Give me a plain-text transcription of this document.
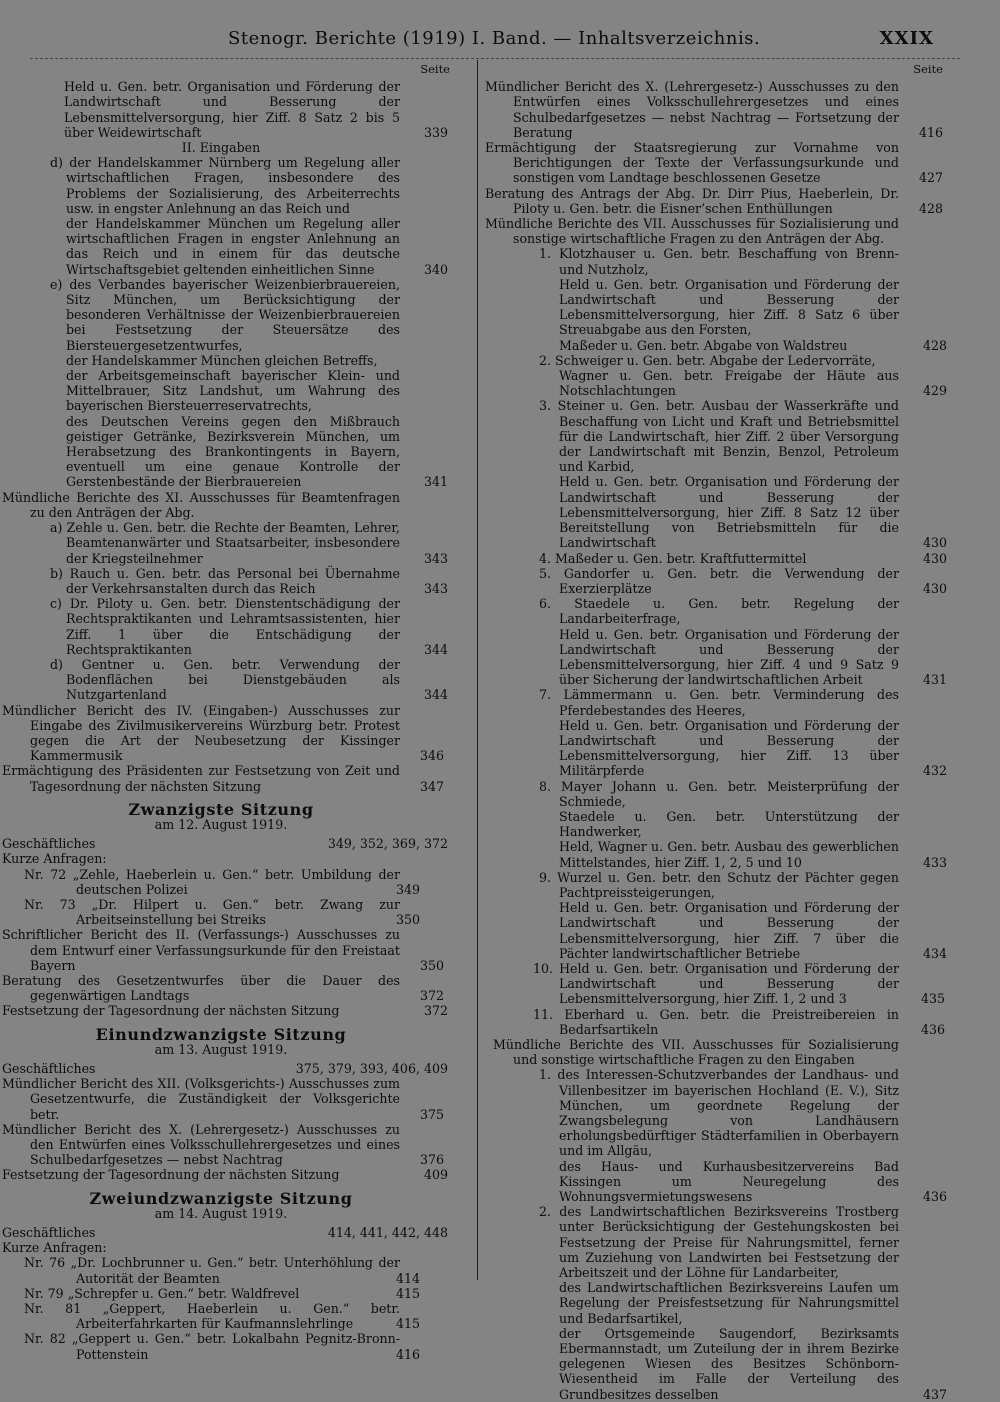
Stenogr. Berichte (1919) I. Band. — Inhaltsverzeichnis.	XXIX
Seite
Held u. Gen. betr. Organisation und Förderung der Landwirtschaft und Besserung der Lebensmittelversorgung, hier Ziff. 8 Satz 2 bis 5 über Weidewirtschaft	339
II. Eingaben
d) der Handelskammer Nürnberg um Regelung aller wirtschaftlichen Fragen, insbesondere des Problems der Sozialisierung, des Arbeiterrechts usw. in engster Anlehnung an das Reich und
der Handelskammer München um Regelung aller wirtschaftlichen Fragen in engster Anlehnung an das Reich und in einem für das deutsche Wirtschaftsgebiet geltenden einheitlichen Sinne	340
e) des Verbandes bayerischer Weizenbierbrauereien, Sitz München, um Berücksichtigung der besonderen Verhältnisse der Weizenbierbrauereien bei Festsetzung der Steuersätze des Biersteuergesetzentwurfes,
der Handelskammer München gleichen Betreffs,
der Arbeitsgemeinschaft bayerischer Klein- und Mittelbrauer, Sitz Landshut, um Wahrung des bayerischen Biersteuerreservatrechts,
des Deutschen Vereins gegen den Mißbrauch geistiger Getränke, Bezirksverein München, um Herabsetzung des Brankontingents in Bayern, eventuell um eine genaue Kontrolle der Gerstenbestände der Bierbrauereien	341
Mündliche Berichte des XI. Ausschusses für Beamtenfragen zu den Anträgen der Abg.
a) Zehle u. Gen. betr. die Rechte der Beamten, Lehrer, Beamtenanwärter und Staatsarbeiter, insbesondere der Kriegsteilnehmer	343
b) Rauch u. Gen. betr. das Personal bei Übernahme der Verkehrsanstalten durch das Reich	343
c) Dr. Piloty u. Gen. betr. Dienstentschädigung der Rechtspraktikanten und Lehramtsassistenten, hier Ziff. 1 über die Entschädigung der Rechtspraktikanten	344
d) Gentner u. Gen. betr. Verwendung der Bodenflächen bei Dienstgebäuden als Nutzgartenland	344
Mündlicher Bericht des IV. (Eingaben-) Ausschusses zur Eingabe des Zivilmusikervereins Würzburg betr. Protest gegen die Art der Neubesetzung der Kissinger Kammermusik	346
Ermächtigung des Präsidenten zur Festsetzung von Zeit und Tagesordnung der nächsten Sitzung	347
Zwanzigste Sitzung
am 12. August 1919.
Geschäftliches	349, 352, 369, 372
Kurze Anfragen:
Nr. 72 „Zehle, Haeberlein u. Gen.“ betr. Umbildung der deutschen Polizei	349
Nr. 73 „Dr. Hilpert u. Gen.“ betr. Zwang zur Arbeitseinstellung bei Streiks	350
Schriftlicher Bericht des II. (Verfassungs-) Ausschusses zu dem Entwurf einer Verfassungsurkunde für den Freistaat Bayern	350
Beratung des Gesetzentwurfes über die Dauer des gegenwärtigen Landtags	372
Festsetzung der Tagesordnung der nächsten Sitzung	372
Einundzwanzigste Sitzung
am 13. August 1919.
Geschäftliches	375, 379, 393, 406, 409
Mündlicher Bericht des XII. (Volksgerichts-) Ausschusses zum Gesetzentwurfe, die Zuständigkeit der Volksgerichte betr.	375
Mündlicher Bericht des X. (Lehrergesetz-) Ausschusses zu den Entwürfen eines Volksschullehrergesetzes und eines Schulbedarfgesetzes — nebst Nachtrag	376
Festsetzung der Tagesordnung der nächsten Sitzung	409
Zweiundzwanzigste Sitzung
am 14. August 1919.
Geschäftliches	414, 441, 442, 448
Kurze Anfragen:
Nr. 76 „Dr. Lochbrunner u. Gen.“ betr. Unterhöhlung der Autorität der Beamten	414
Nr. 79 „Schrepfer u. Gen.“ betr. Waldfrevel	415
Nr. 81 „Geppert, Haeberlein u. Gen.“ betr. Arbeiterfahrkarten für Kaufmannslehrlinge	415
Nr. 82 „Geppert u. Gen.“ betr. Lokalbahn Pegnitz-Bronn-Pottenstein	416
Seite
Mündlicher Bericht des X. (Lehrergesetz-) Ausschusses zu den Entwürfen eines Volksschullehrergesetzes und eines Schulbedarfgesetzes — nebst Nachtrag — Fortsetzung der Beratung	416
Ermächtigung der Staatsregierung zur Vornahme von Berichtigungen der Texte der Verfassungsurkunde und sonstigen vom Landtage beschlossenen Gesetze	427
Beratung des Antrags der Abg. Dr. Dirr Pius, Haeberlein, Dr. Piloty u. Gen. betr. die Eisner’schen Enthüllungen	428
Mündliche Berichte des VII. Ausschusses für Sozialisierung und sonstige wirtschaftliche Fragen zu den Anträgen der Abg.
1. Klotzhauser u. Gen. betr. Beschaffung von Brenn- und Nutzholz,
Held u. Gen. betr. Organisation und Förderung der Landwirtschaft und Besserung der Lebensmittelversorgung, hier Ziff. 8 Satz 6 über Streuabgabe aus den Forsten,
Maßeder u. Gen. betr. Abgabe von Waldstreu	428
2. Schweiger u. Gen. betr. Abgabe der Ledervorräte,
Wagner u. Gen. betr. Freigabe der Häute aus Notschlachtungen	429
3. Steiner u. Gen. betr. Ausbau der Wasserkräfte und Beschaffung von Licht und Kraft und Betriebsmittel für die Landwirtschaft, hier Ziff. 2 über Versorgung der Landwirtschaft mit Benzin, Benzol, Petroleum und Karbid,
Held u. Gen. betr. Organisation und Förderung der Landwirtschaft und Besserung der Lebensmittelversorgung, hier Ziff. 8 Satz 12 über Bereitstellung von Betriebsmitteln für die Landwirtschaft	430
4. Maßeder u. Gen. betr. Kraftfuttermittel	430
5. Gandorfer u. Gen. betr. die Verwendung der Exerzierplätze	430
6. Staedele u. Gen. betr. Regelung der Landarbeiterfrage,
Held u. Gen. betr. Organisation und Förderung der Landwirtschaft und Besserung der Lebensmittelversorgung, hier Ziff. 4 und 9 Satz 9 über Sicherung der landwirtschaftlichen Arbeit	431
7. Lämmermann u. Gen. betr. Verminderung des Pferdebestandes des Heeres,
Held u. Gen. betr. Organisation und Förderung der Landwirtschaft und Besserung der Lebensmittelversorgung, hier Ziff. 13 über Militärpferde	432
8. Mayer Johann u. Gen. betr. Meisterprüfung der Schmiede,
Staedele u. Gen. betr. Unterstützung der Handwerker,
Held, Wagner u. Gen. betr. Ausbau des gewerblichen Mittelstandes, hier Ziff. 1, 2, 5 und 10	433
9. Wurzel u. Gen. betr. den Schutz der Pächter gegen Pachtpreissteigerungen,
Held u. Gen. betr. Organisation und Förderung der Landwirtschaft und Besserung der Lebensmittelversorgung, hier Ziff. 7 über die Pächter landwirtschaftlicher Betriebe	434
10. Held u. Gen. betr. Organisation und Förderung der Landwirtschaft und Besserung der Lebensmittelversorgung, hier Ziff. 1, 2 und 3	435
11. Eberhard u. Gen. betr. die Preistreibereien in Bedarfsartikeln	436
Mündliche Berichte des VII. Ausschusses für Sozialisierung und sonstige wirtschaftliche Fragen zu den Eingaben
1. des Interessen-Schutzverbandes der Landhaus- und Villenbesitzer im bayerischen Hochland (E. V.), Sitz München, um geordnete Regelung der Zwangsbelegung von Landhäusern erholungsbedürftiger Städterfamilien in Oberbayern und im Allgäu,
des Haus- und Kurhausbesitzervereins Bad Kissingen um Neuregelung des Wohnungsvermietungswesens	436
2. des Landwirtschaftlichen Bezirksvereins Trostberg unter Berücksichtigung der Gestehungskosten bei Festsetzung der Preise für Nahrungsmittel, ferner um Zuziehung von Landwirten bei Festsetzung der Arbeitszeit und der Löhne für Landarbeiter,
des Landwirtschaftlichen Bezirksvereins Laufen um Regelung der Preisfestsetzung für Nahrungsmittel und Bedarfsartikel,
der Ortsgemeinde Saugendorf, Bezirksamts Ebermannstadt, um Zuteilung der in ihrem Bezirke gelegenen Wiesen des Besitzes Schönborn-Wiesentheid im Falle der Verteilung des Grundbesitzes desselben	437
